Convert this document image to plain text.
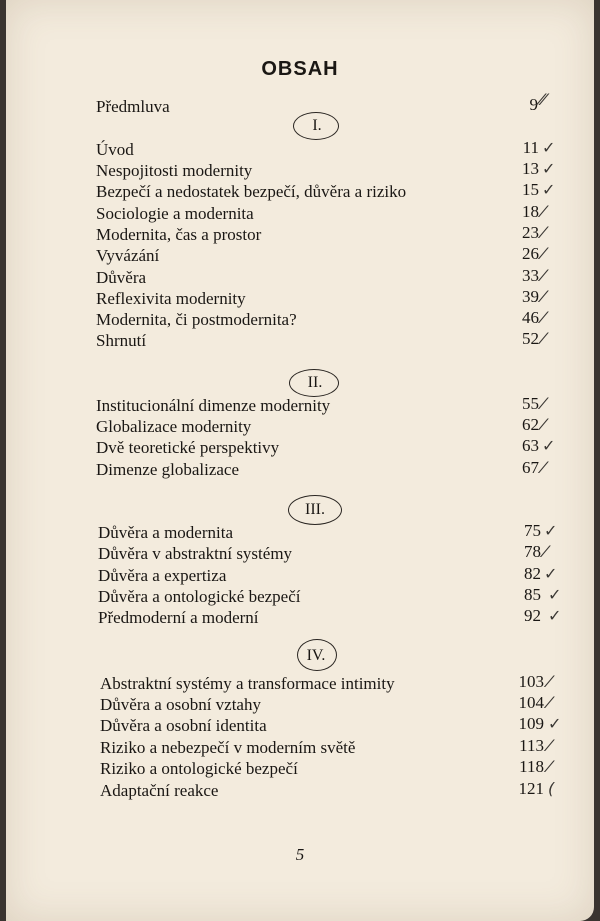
OBSAH
Předmluva	9 ⁄⁄
I.
Úvod	11
Nespojitosti modernity	13
Bezpečí a nedostatek bezpečí, důvěra a riziko	15
Sociologie a modernita	18
Modernita, čas a prostor	23
Vyvázání	26
Důvěra	33
Reflexivita modernity	39
Modernita, či postmodernita?	46
Shrnutí	52
✓
✓
✓
⁄
⁄
⁄
⁄
⁄
⁄
⁄
II.
Institucionální dimenze modernity	55
Globalizace modernity	62
Dvě teoretické perspektivy	63
Dimenze globalizace	67
⁄
⁄
✓
⁄
III.
Důvěra a modernita	75
Důvěra v abstraktní systémy	78
Důvěra a expertiza	82
Důvěra a ontologické bezpečí	85
Předmoderní a moderní	92
✓
⁄
✓
✓
✓
IV.
Abstraktní systémy a transformace intimity	103
Důvěra a osobní vztahy	104
Důvěra a osobní identita	109
Riziko a nebezpečí v moderním světě	113
Riziko a ontologické bezpečí	118
Adaptační reakce	121
⁄
⁄
✓
⁄
⁄
(
5
